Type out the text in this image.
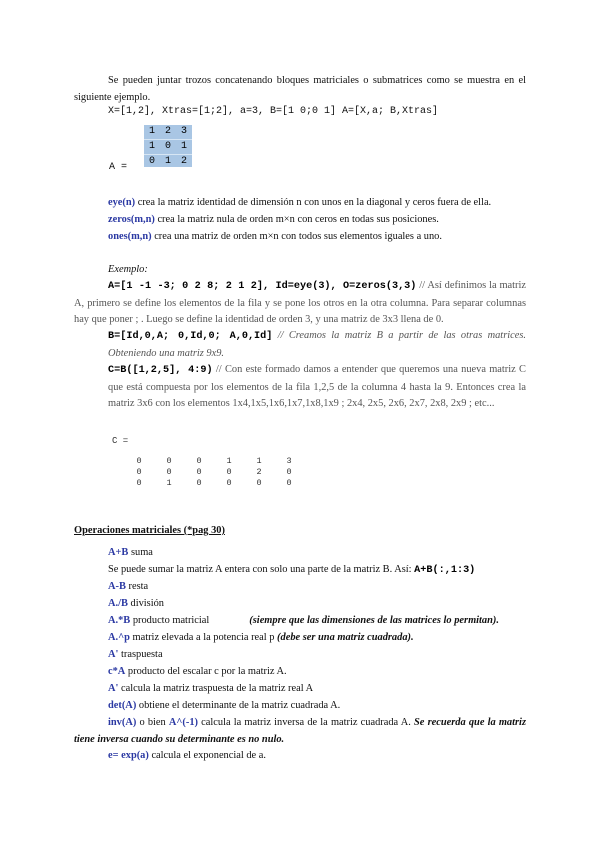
Se pueden juntar trozos concatenando bloques matriciales o submatrices como se muestra en el siguiente ejemplo.

X=[1,2], Xtras=[1;2], a=3, B=[1 0;0 1] A=[X,a; B,Xtras]

1 2 3
1 0 1
0 1 2
A =

eye(n) crea la matriz identidad de dimensión n con unos en la diagonal y ceros fuera de ella.

zeros(m,n) crea la matriz nula de orden m×n con ceros en todas sus posiciones.

ones(m,n) crea una matriz de orden m×n con todos sus elementos iguales a uno.

Exemplo:

A=[1 -1 -3; 0 2 8; 2 1 2], Id=eye(3), O=zeros(3,3) // Así definimos la matriz A, primero se define los elementos de la fila y se pone los otros en la otra columna. Para separar columnas hay que poner ; . Luego se define la identidad de orden 3, y una matriz de 3x3 llena de 0.

B=[Id,0,A; 0,Id,0; A,0,Id] // Creamos la matriz B a partir de las otras matrices. Obteniendo una matriz 9x9.

C=B([1,2,5], 4:9) // Con este formado damos a entender que queremos una nueva matriz C que está compuesta por los elementos de la fila 1,2,5 de la columna 4 hasta la 9. Entonces crea la matriz 3x6 con los elementos 1x4,1x5,1x6,1x7,1x8,1x9 ; 2x4, 2x5, 2x6, 2x7, 2x8, 2x9 ; etc...

C =
0	0	0	1	1	3
0	0	0	0	2	0
0	1	0	0	0	0

Operaciones matriciales (*pag 30)

A+B suma

Se puede sumar la matriz A entera con solo una parte de la matriz B. Así: A+B(:,1:3)

A-B resta

A./B división

A.*B producto matricial	(siempre que las dimensiones de las matrices lo permitan).

A.^p matriz elevada a la potencia real p (debe ser una matriz cuadrada).

A' traspuesta

c*A producto del escalar c por la matriz A.

A' calcula la matriz traspuesta de la matriz real A

det(A) obtiene el determinante de la matriz cuadrada A.

inv(A) o bien A^(-1) calcula la matriz inversa de la matriz cuadrada A. Se recuerda que la matriz tiene inversa cuando su determinante es no nulo.

e= exp(a) calcula el exponencial de a.
